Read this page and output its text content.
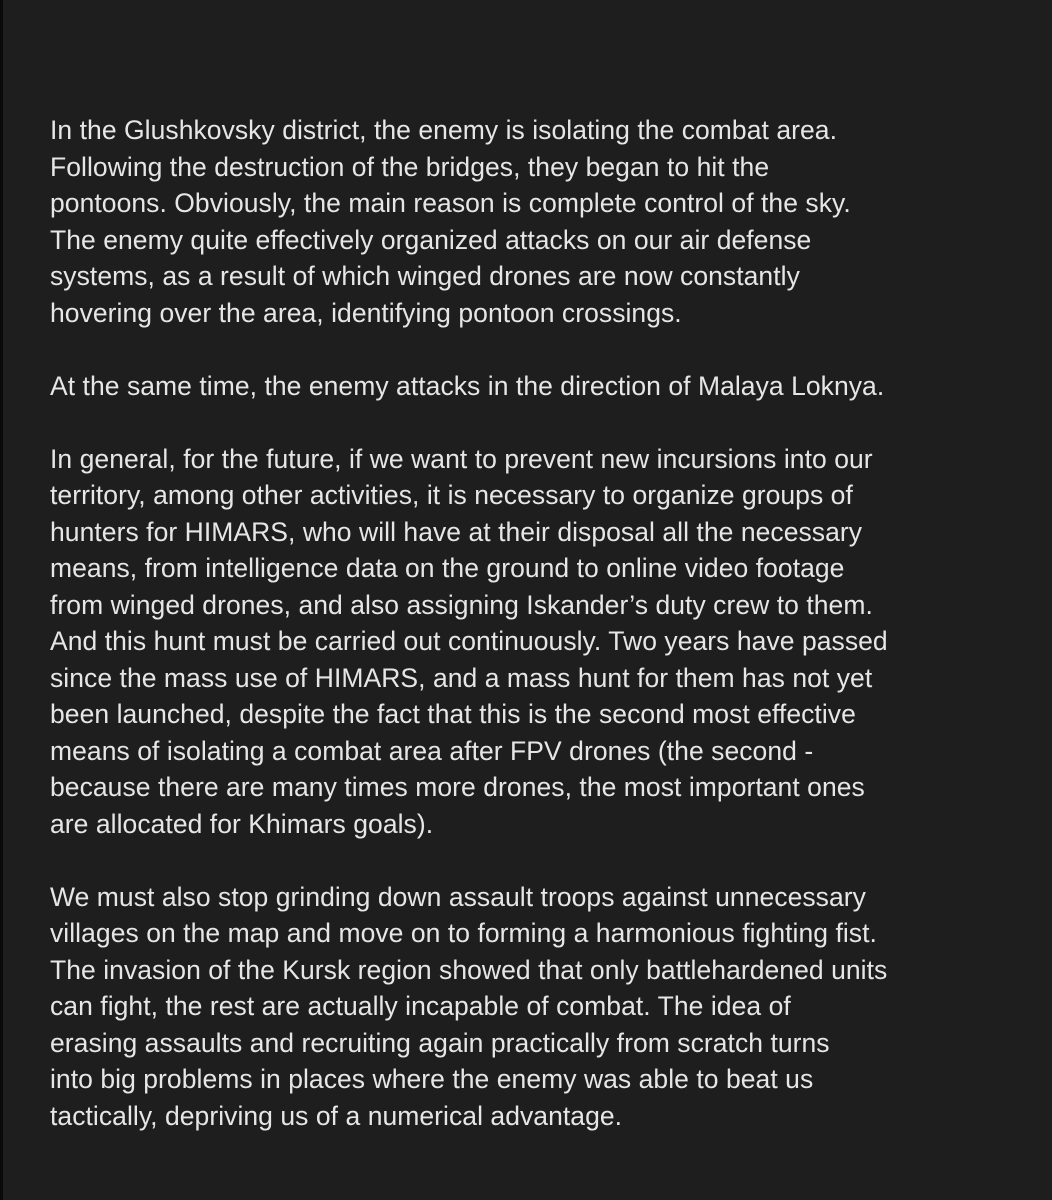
In the Glushkovsky district, the enemy is isolating the combat area.
Following the destruction of the bridges, they began to hit the
pontoons. Obviously, the main reason is complete control of the sky.
The enemy quite effectively organized attacks on our air defense
systems, as a result of which winged drones are now constantly
hovering over the area, identifying pontoon crossings.

At the same time, the enemy attacks in the direction of Malaya Loknya.

In general, for the future, if we want to prevent new incursions into our
territory, among other activities, it is necessary to organize groups of
hunters for HIMARS, who will have at their disposal all the necessary
means, from intelligence data on the ground to online video footage
from winged drones, and also assigning Iskander’s duty crew to them.
And this hunt must be carried out continuously. Two years have passed
since the mass use of HIMARS, and a mass hunt for them has not yet
been launched, despite the fact that this is the second most effective
means of isolating a combat area after FPV drones (the second -
because there are many times more drones, the most important ones
are allocated for Khimars goals).

We must also stop grinding down assault troops against unnecessary
villages on the map and move on to forming a harmonious fighting fist.
The invasion of the Kursk region showed that only battlehardened units
can fight, the rest are actually incapable of combat. The idea of
erasing assaults and recruiting again practically from scratch turns
into big problems in places where the enemy was able to beat us
tactically, depriving us of a numerical advantage.
